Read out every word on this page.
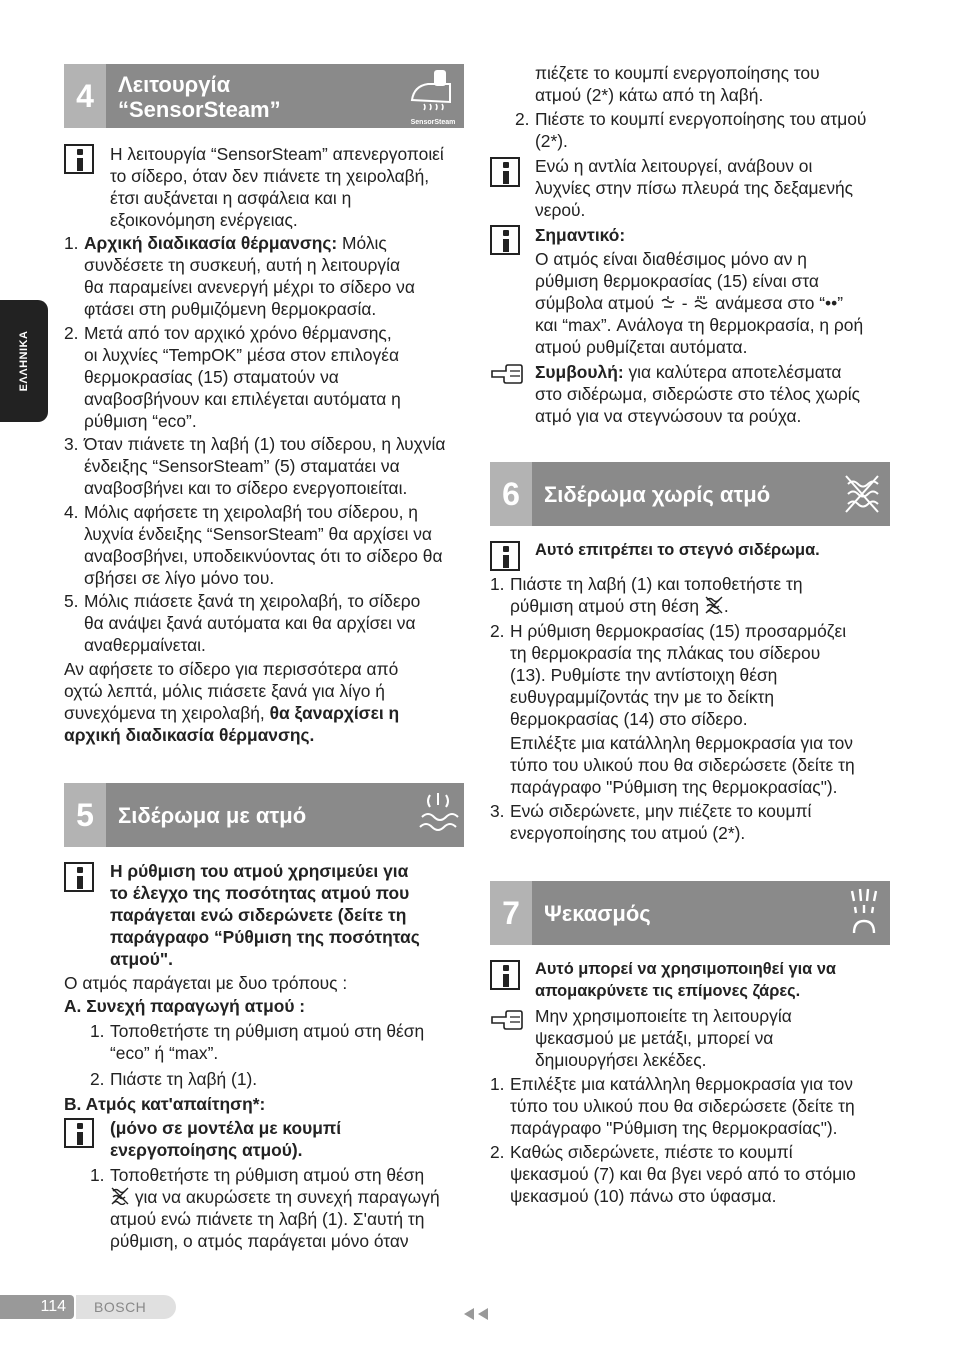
ΕΛΛΗΝΙΚΑ
4	Λειτουργία
“SensorSteam”
SensorSteam
Η λειτουργία “SensorSteam” απενεργοποιεί
το σίδερο, όταν δεν πιάνετε τη χειρολαβή,
έτσι αυξάνεται η ασφάλεια και η
εξοικονόμηση ενέργειας.
1. Αρχική διαδικασία θέρμανσης: Μόλις
συνδέσετε τη συσκευή, αυτή η λειτουργία
θα παραμείνει ανενεργή μέχρι το σίδερο να
φτάσει στη ρυθμιζόμενη θερμοκρασία.
2. Μετά από τον αρχικό χρόνο θέρμανσης,
οι λυχνίες “TempOK” μέσα στον επιλογέα
θερμοκρασίας (15) σταματούν να
αναβοσβήνουν και επιλέγεται αυτόματα η
ρύθμιση “eco”.
3. Όταν πιάνετε τη λαβή (1) του σίδερου, η λυχνία
ένδειξης “SensorSteam” (5) σταματάει να
αναβοσβήνει και το σίδερο ενεργοποιείται.
4. Μόλις αφήσετε τη χειρολαβή του σίδερου, η
λυχνία ένδειξης “SensorSteam” θα αρχίσει να
αναβοσβήνει, υποδεικνύοντας ότι το σίδερο θα
σβήσει σε λίγο μόνο του.
5. Μόλις πιάσετε ξανά τη χειρολαβή, το σίδερο
θα ανάψει ξανά αυτόματα και θα αρχίσει να
αναθερμαίνεται.
Αν αφήσετε το σίδερο για περισσότερα από
οχτώ λεπτά, μόλις πιάσετε ξανά για λίγο ή
συνεχόμενα τη χειρολαβή, θα ξαναρχίσει η
αρχική διαδικασία θέρμανσης.
5	Σιδέρωμα με ατμό
Η ρύθμιση του ατμού χρησιμεύει για
το έλεγχο της ποσότητας ατμού που
παράγεται ενώ σιδερώνετε (δείτε τη
παράγραφο “Ρύθμιση της ποσότητας
ατμού".
Ο ατμός παράγεται με δυο τρόπους :
Α. Συνεχή παραγωγή ατμού :
1. Τοποθετήστε τη ρύθμιση ατμού στη θέση
“eco” ή “max”.
2. Πιάστε τη λαβή (1).
Β. Ατμός κατ'απαίτηση*:
(μόνο σε μοντέλα με κουμπί
ενεργοποίησης ατμού).
1. Τοποθετήστε τη ρύθμιση ατμού στη θέση
για να ακυρώσετε τη συνεχή παραγωγή
ατμού ενώ πιάνετε τη λαβή (1). Σ'αυτή τη
ρύθμιση, ο ατμός παράγεται μόνο όταν
πιέζετε το κουμπί ενεργοποίησης του
ατμού (2*) κάτω από τη λαβή.
2. Πιέστε το κουμπί ενεργοποίησης του ατμού
(2*).
Ενώ η αντλία λειτουργεί, ανάβουν οι
λυχνίες στην πίσω πλευρά της δεξαμενής
νερού.
Σημαντικό:
Ο ατμός είναι διαθέσιμος μόνο αν η
ρύθμιση θερμοκρασίας (15) είναι στα
σύμβολα ατμού  -  ανάμεσα στο “••”
και “max”. Ανάλογα τη θερμοκρασία, η ροή
ατμού ρυθμίζεται αυτόματα.
Συμβουλή: για καλύτερα αποτελέσματα
στο σιδέρωμα, σιδερώστε στο τέλος χωρίς
ατμό για να στεγνώσουν τα ρούχα.
6	Σιδέρωμα χωρίς ατμό
Αυτό επιτρέπει το στεγνό σιδέρωμα.
1. Πιάστε τη λαβή (1) και τοποθετήστε τη
ρύθμιση ατμού στη θέση .
2. Η ρύθμιση θερμοκρασίας (15) προσαρμόζει
τη θερμοκρασία της πλάκας του σίδερου
(13). Ρυθμίστε την αντίστοιχη θέση
ευθυγραμμίζοντάς την με το δείκτη
θερμοκρασίας (14) στο σίδερο.
Επιλέξτε μια κατάλληλη θερμοκρασία για τον
τύπο του υλικού που θα σιδερώσετε (δείτε τη
παράγραφο "Ρύθμιση της θερμοκρασίας").
3. Ενώ σιδερώνετε, μην πιέζετε το κουμπί
ενεργοποίησης του ατμού (2*).
7	Ψεκασμός
Αυτό μπορεί να χρησιμοποιηθεί για να
απομακρύνετε τις επίμονες ζάρες.
Μην χρησιμοποιείτε τη λειτουργία
ψεκασμού με μετάξι, μπορεί να
δημιουργήσει λεκέδες.
1. Επιλέξτε μια κατάλληλη θερμοκρασία για τον
τύπο του υλικού που θα σιδερώσετε (δείτε τη
παράγραφο "Ρύθμιση της θερμοκρασίας").
2. Καθώς σιδερώνετε, πιέστε το κουμπί
ψεκασμού (7) και θα βγει νερό από το στόμιο
ψεκασμού (10) πάνω στο ύφασμα.
114	BOSCH
